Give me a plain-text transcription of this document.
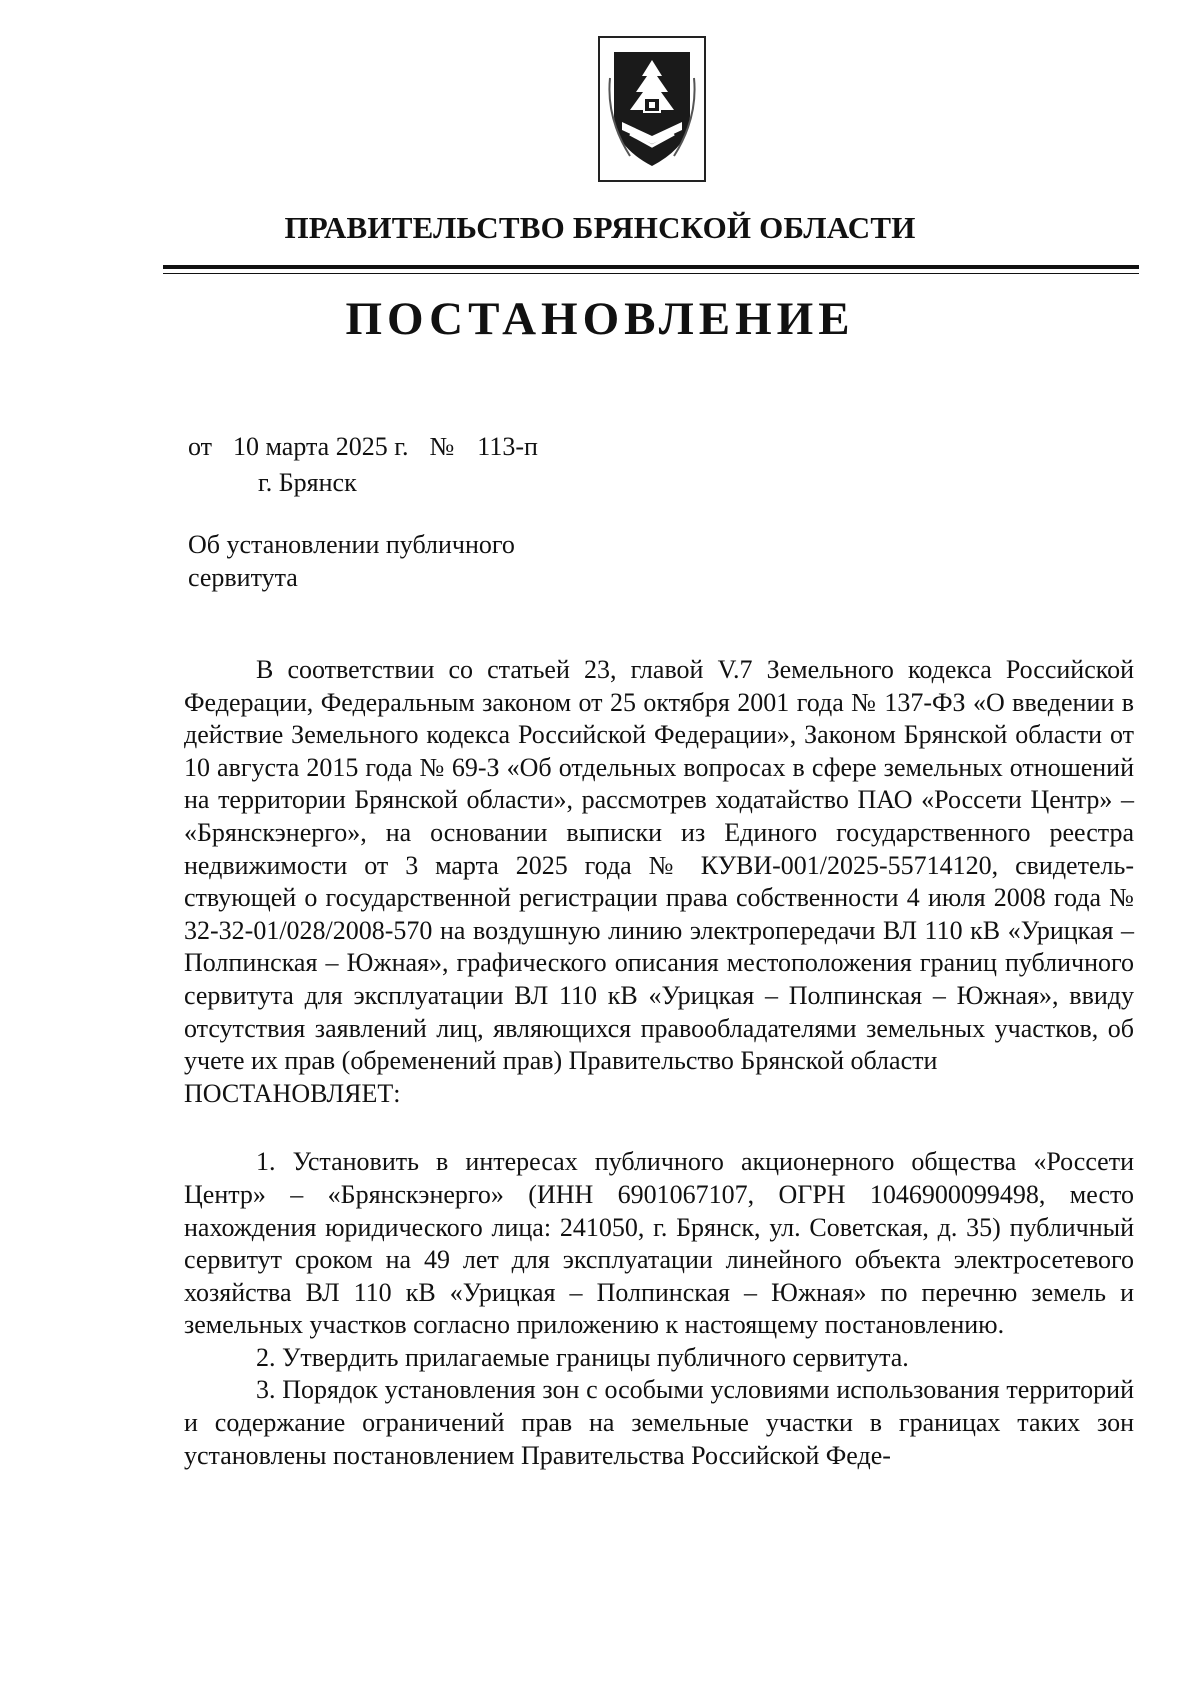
ПРАВИТЕЛЬСТВО БРЯНСКОЙ ОБЛАСТИ
ПОСТАНОВЛЕНИЕ
от 10 марта 2025 г. № 113-п
г. Брянск
Об установлении публичного сервитута

В соответствии со статьей 23, главой V.7 Земельного кодекса Российской Федерации, Федеральным законом от 25 октября 2001 года № 137-ФЗ «О введении в действие Земельного кодекса Российской Федерации», Законом Брянской области от 10 августа 2015 года № 69-З «Об отдельных вопросах в сфере земельных отношений на территории Брянской области», рассмотрев ходатайство ПАО «Россети Центр» – «Брянскэнерго», на основании выписки из Единого государственного реестра недвижимости от 3 марта 2025 года № КУВИ-001/2025-55714120, свидетель-ствующей о государственной регистрации права собственности 4 июля 2008 года № 32-32-01/028/2008-570 на воздушную линию электропередачи ВЛ 110 кВ «Урицкая – Полпинская – Южная», графического описания местоположения границ публичного сервитута для эксплуатации ВЛ 110 кВ «Урицкая – Полпинская – Южная», ввиду отсутствия заявлений лиц, являющихся правообладателями земельных участков, об учете их прав (обременений прав) Правительство Брянской области

ПОСТАНОВЛЯЕТ:

1. Установить в интересах публичного акционерного общества «Россети Центр» – «Брянскэнерго» (ИНН 6901067107, ОГРН 1046900099498, место нахождения юридического лица: 241050, г. Брянск, ул. Советская, д. 35) публичный сервитут сроком на 49 лет для эксплуатации линейного объекта электросетевого хозяйства ВЛ 110 кВ «Урицкая – Полпинская – Южная» по перечню земель и земельных участков согласно приложению к настоящему постановлению.

2. Утвердить прилагаемые границы публичного сервитута.

3. Порядок установления зон с особыми условиями использования территорий и содержание ограничений прав на земельные участки в границах таких зон установлены постановлением Правительства Российской Феде-
